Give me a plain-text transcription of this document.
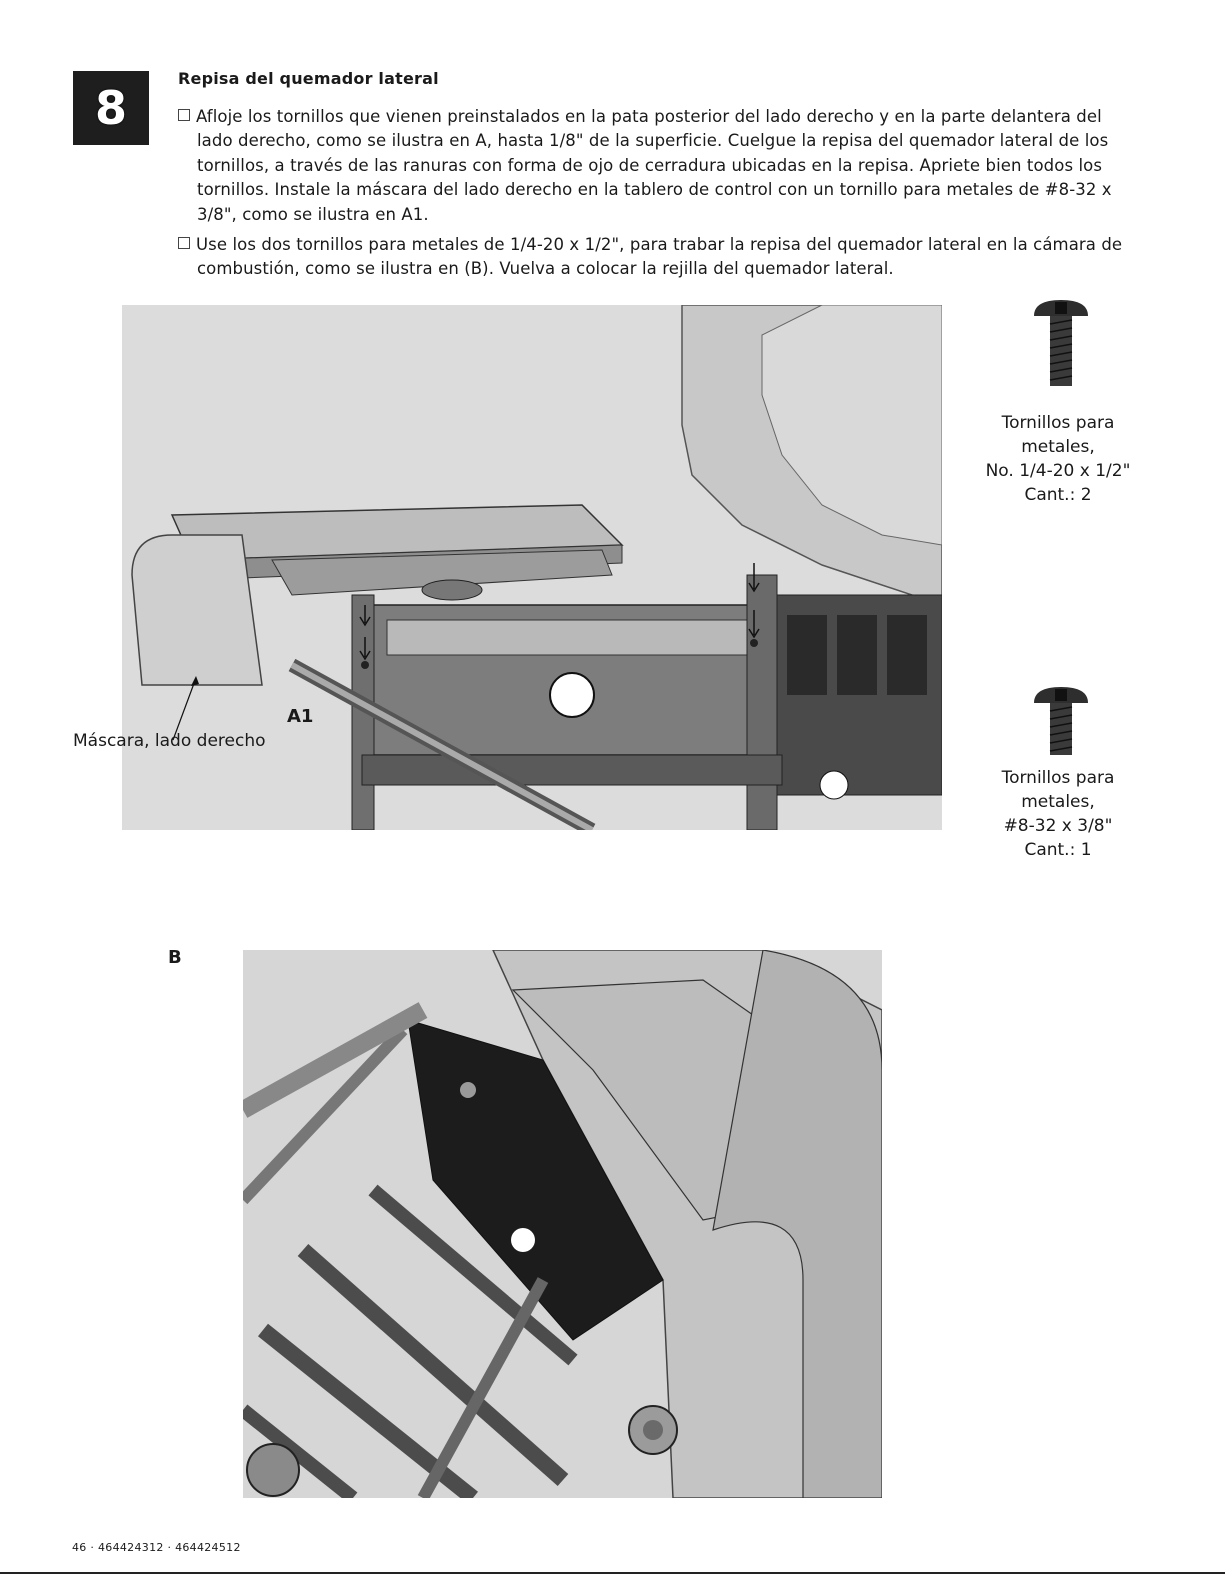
8
Repisa del quemador lateral
Afloje los tornillos que vienen preinstalados en la pata posterior del lado derecho y en la parte delantera del lado derecho, como se ilustra en A, hasta 1/8" de la superficie. Cuelgue la repisa del quemador lateral de los tornillos, a través de las ranuras con forma de ojo de cerradura ubicadas en la repisa. Apriete bien todos los tornillos. Instale la máscara del lado derecho en la tablero de control con un tornillo para metales de #8-32 x 3/8", como se ilustra en A1.
Use los dos tornillos para metales de 1/4-20 x 1/2", para trabar la repisa del quemador lateral en la cámara de combustión, como se ilustra en (B). Vuelva a colocar la rejilla del quemador lateral.
A1
Máscara, lado derecho
Tornillos para
metales,
No. 1/4-20 x 1/2"
Cant.: 2
Tornillos para
metales,
#8-32 x 3/8"
Cant.: 1
B
46 · 464424312 · 464424512
